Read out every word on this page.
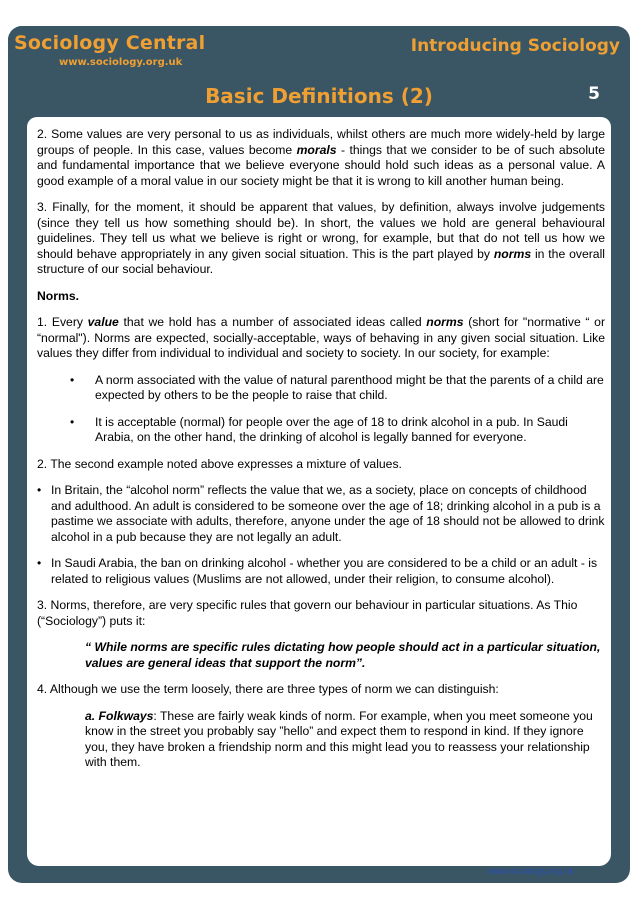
Sociology Central
www.sociology.org.uk
Introducing Sociology
Basic Definitions (2)	5

2. Some values are very personal to us as individuals, whilst others are much more widely-held by large groups of people. In this case, values become morals - things that we consider to be of such absolute and fundamental importance that we believe everyone should hold such ideas as a personal value. A good example of a moral value in our society might be that it is wrong to kill another human being.

3. Finally, for the moment, it should be apparent that values, by definition, always involve judgements (since they tell us how something should be). In short, the values we hold are general behavioural guidelines. They tell us what we believe is right or wrong, for example, but that do not tell us how we should behave appropriately in any given social situation. This is the part played by norms in the overall structure of our social behaviour.

Norms.

1. Every value that we hold has a number of associated ideas called norms (short for "normative “ or “normal"). Norms are expected, socially-acceptable, ways of behaving in any given social situation. Like values they differ from individual to individual and society to society. In our society, for example:

• A norm associated with the value of natural parenthood might be that the parents of a child are expected by others to be the people to raise that child.
• It is acceptable (normal) for people over the age of 18 to drink alcohol in a pub. In Saudi Arabia, on the other hand, the drinking of alcohol is legally banned for everyone.

2. The second example noted above expresses a mixture of values.

• In Britain, the “alcohol norm” reflects the value that we, as a society, place on concepts of childhood and adulthood. An adult is considered to be someone over the age of 18; drinking alcohol in a pub is a pastime we associate with adults, therefore, anyone under the age of 18 should not be allowed to drink alcohol in a pub because they are not legally an adult.
• In Saudi Arabia, the ban on drinking alcohol - whether you are considered to be a child or an adult - is related to religious values (Muslims are not allowed, under their religion, to consume alcohol).

3. Norms, therefore, are very specific rules that govern our behaviour in particular situations. As Thio (“Sociology”) puts it:

“ While norms are specific rules dictating how people should act in a particular situation, values are general ideas that support the norm”.

4. Although we use the term loosely, there are three types of norm we can distinguish:

a. Folkways: These are fairly weak kinds of norm. For example, when you meet someone you know in the street you probably say ”hello” and expect them to respond in kind. If they ignore you, they have broken a friendship norm and this might lead you to reassess your relationship with them.

www.sociology.org.uk
